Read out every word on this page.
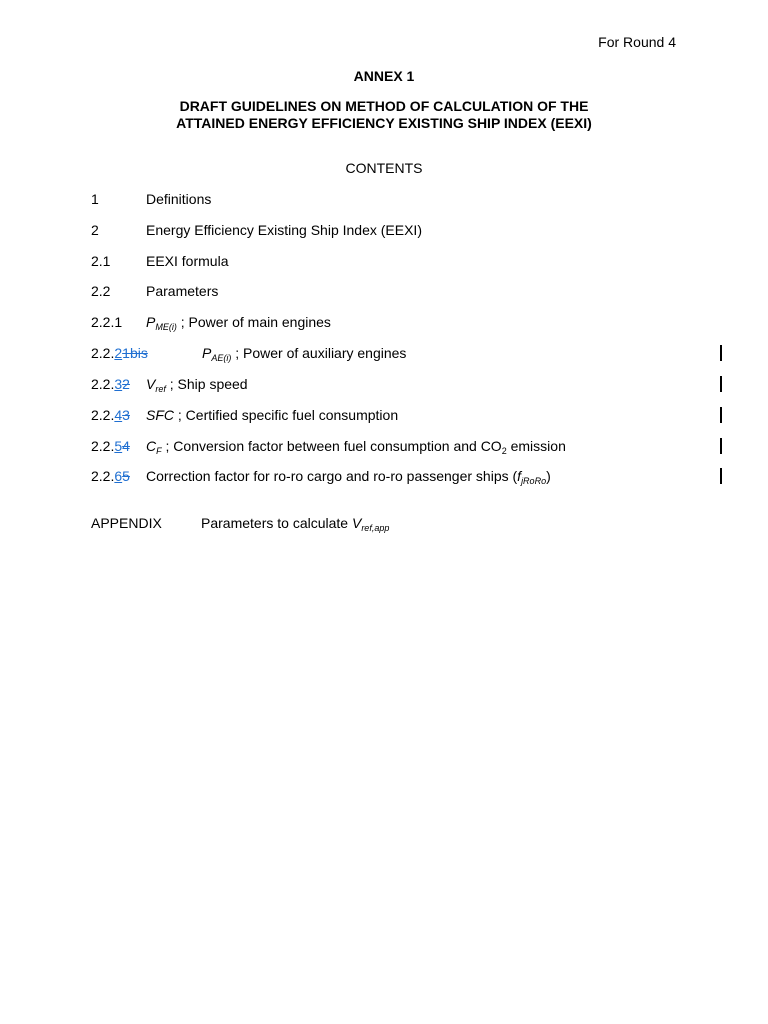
For Round 4
ANNEX 1
DRAFT GUIDELINES ON METHOD OF CALCULATION OF THE
ATTAINED ENERGY EFFICIENCY EXISTING SHIP INDEX (EEXI)
CONTENTS
1	Definitions
2	Energy Efficiency Existing Ship Index (EEXI)
2.1	EEXI formula
2.2	Parameters
2.2.1 $P_{ME(i)}$ ; Power of main engines
2.2.21bis	$P_{AE(i)}$ ; Power of auxiliary engines
2.2.32 $V_{ref}$ ; Ship speed
2.2.43 SFC ; Certified specific fuel consumption
2.2.54 $C_F$ ; Conversion factor between fuel consumption and $CO_2$ emission
2.2.65 Correction factor for ro-ro cargo and ro-ro passenger ships $(f_{jRoRo})$
APPENDIX	Parameters to calculate $V_{ref,app}$
